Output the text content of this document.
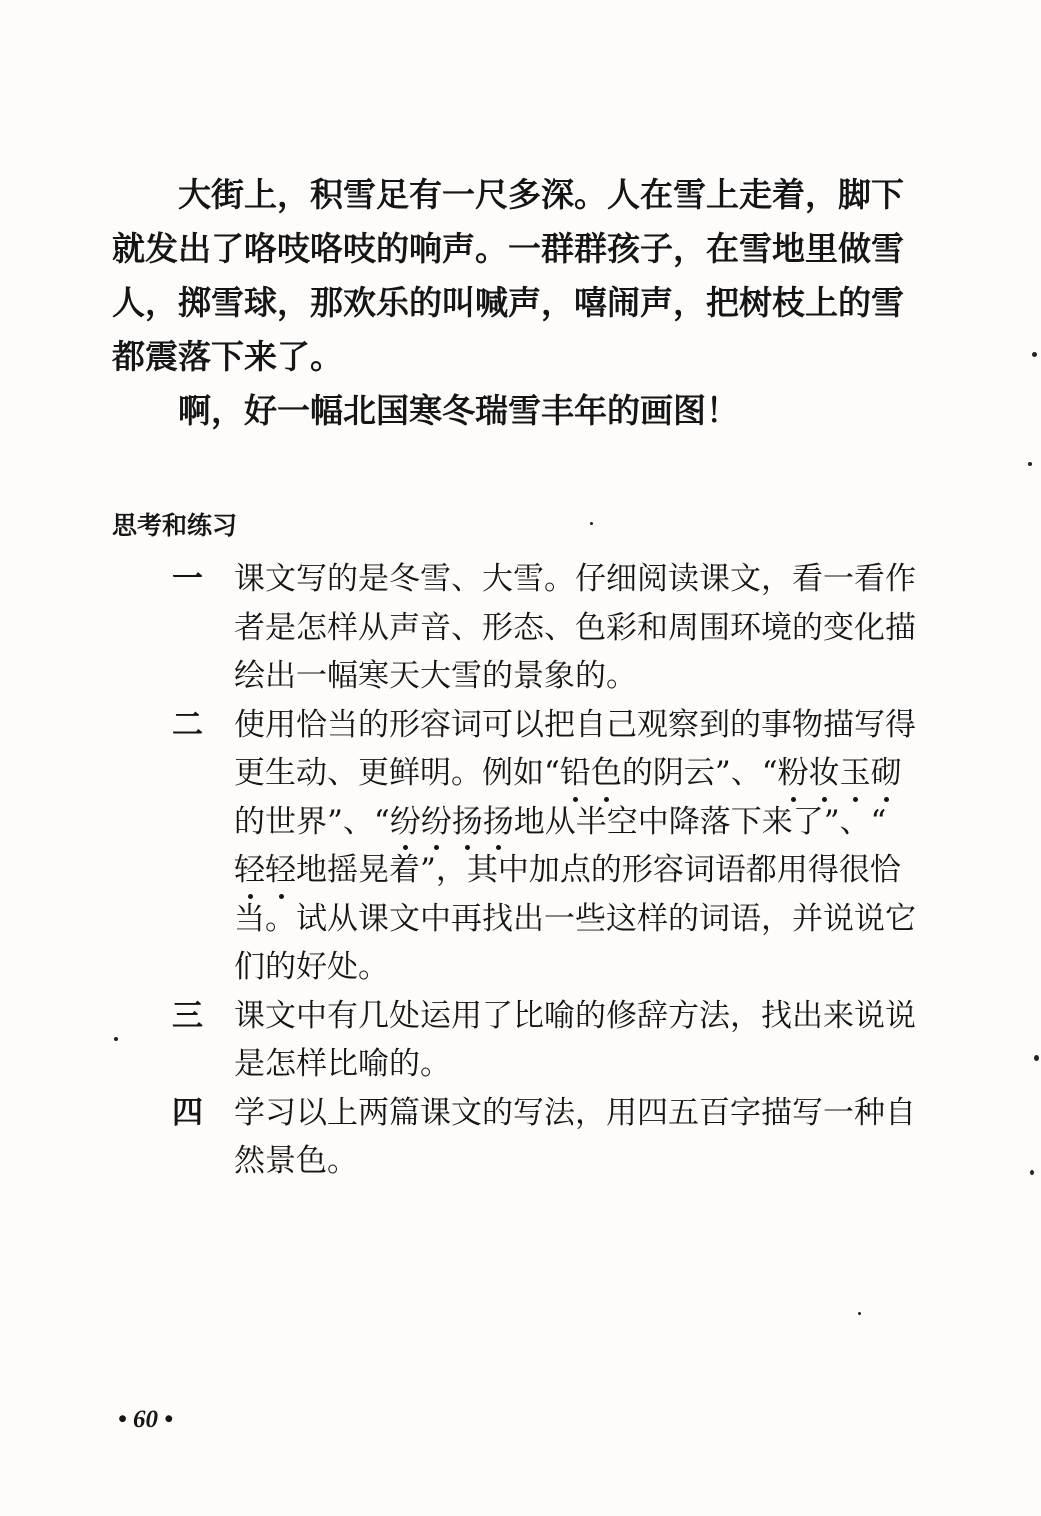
大街上，积雪足有一尺多深。人在雪上走着，脚下就发出了咯吱咯吱的响声。一群群孩子，在雪地里做雪人，掷雪球，那欢乐的叫喊声，嘻闹声，把树枝上的雪都震落下来了。

啊，好一幅北国寒冬瑞雪丰年的画图！

思考和练习
一	课文写的是冬雪、大雪。仔细阅读课文，看一看作者是怎样从声音、形态、色彩和周围环境的变化描绘出一幅寒天大雪的景象的。
二	使用恰当的形容词可以把自己观察到的事物描写得更生动、更鲜明。例如“铅色的阴云”、“粉妆玉砌的世界”、“纷纷扬扬地从半空中降落下来了”、“轻轻地摇晃着”，其中加点的形容词语都用得很恰当。试从课文中再找出一些这样的词语，并说说它们的好处。
三	课文中有几处运用了比喻的修辞方法，找出来说说是怎样比喻的。
四	学习以上两篇课文的写法，用四五百字描写一种自然景色。
• 60 •
